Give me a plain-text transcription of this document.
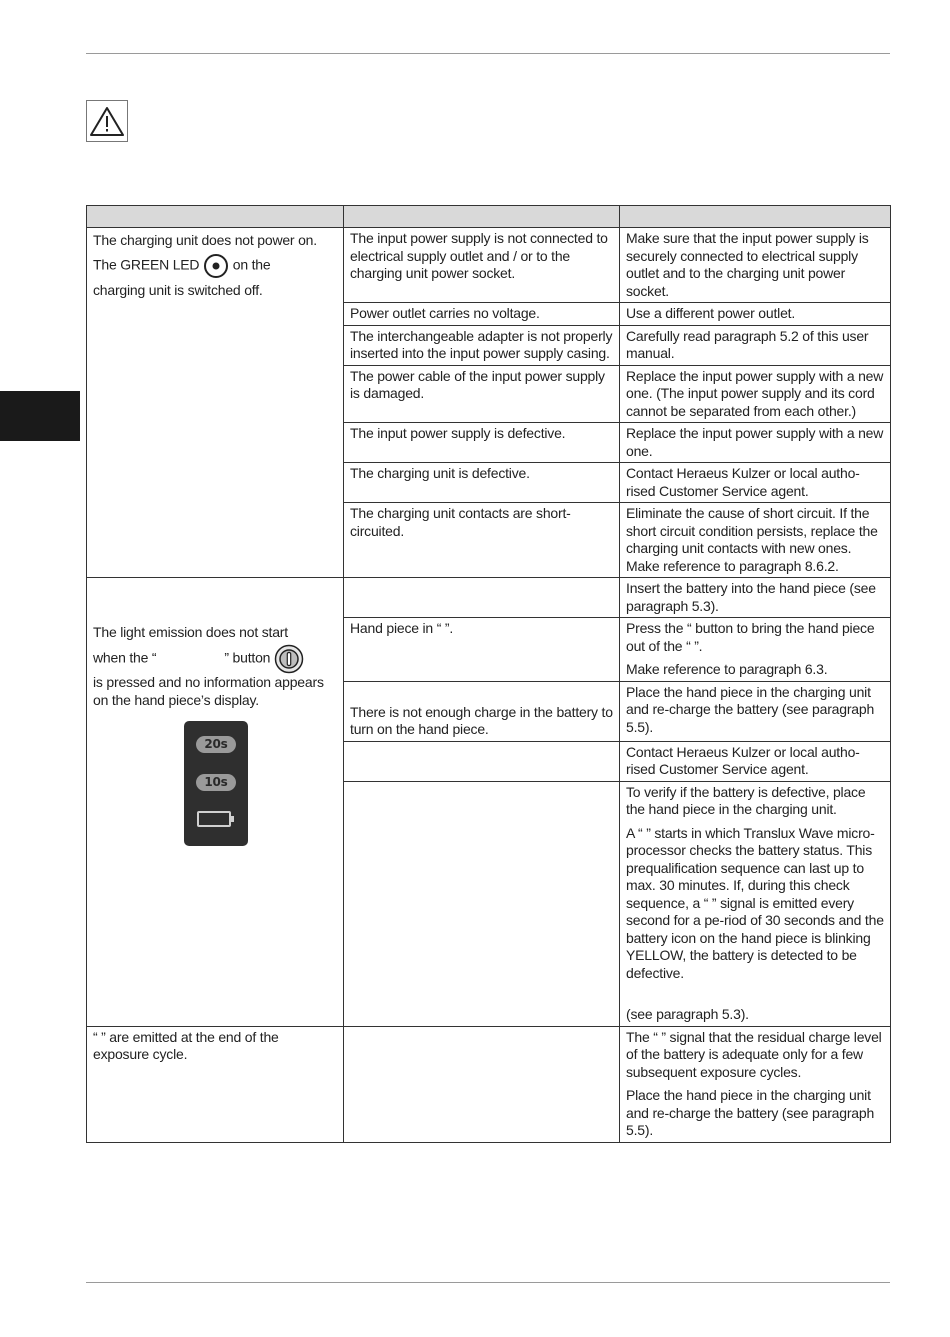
The charging unit does not power on.
The GREEN LED on the
charging unit is switched off.	The input power supply is not connected to electrical supply outlet and / or to the charging unit power socket.	Make sure that the input power supply is securely connected to electrical supply outlet and to the charging unit power socket.
	Power outlet carries no voltage.	Use a different power outlet.
	The interchangeable adapter is not properly inserted into the input power supply casing.	Carefully read paragraph 5.2 of this user manual.
	The power cable of the input power supply is damaged.	Replace the input power supply with a new one. (The input power supply and its cord cannot be separated from each other.)
	The input power supply is defective.	Replace the input power supply with a new one.
	The charging unit is defective.	Contact Heraeus Kulzer or local autho-rised Customer Service agent.
	The charging unit contacts are short-circuited.	Eliminate the cause of short circuit. If the short circuit condition persists, replace the charging unit contacts with new ones. Make reference to paragraph 8.6.2.

The light emission does not start
when the “ ” button
is pressed and no information appears on the hand piece’s display.
20s
10s		Insert the battery into the hand piece (see paragraph 5.3).
	Hand piece in “ ”.	Press the “ button to bring the hand piece out of the “ ”.
Make reference to paragraph 6.3.

	There is not enough charge in the battery to turn on the hand piece.	Place the hand piece in the charging unit and re-charge the battery (see paragraph 5.5).
		Contact Heraeus Kulzer or local autho-rised Customer Service agent.

		To verify if the battery is defective, place the hand piece in the charging unit.
A “ ” starts in which Translux Wave micro-processor checks the battery status. This prequalification sequence can last up to max. 30 minutes. If, during this check sequence, a “ ” signal is emitted every second for a pe-riod of 30 seconds and the battery icon on the hand piece is blinking YELLOW, the battery is detected to be defective.
(see paragraph 5.3).

“ ” are emitted at the end of the exposure cycle.		The “ ” signal that the residual charge level of the battery is adequate only for a few subsequent exposure cycles.
Place the hand piece in the charging unit and re-charge the battery (see paragraph 5.5).
